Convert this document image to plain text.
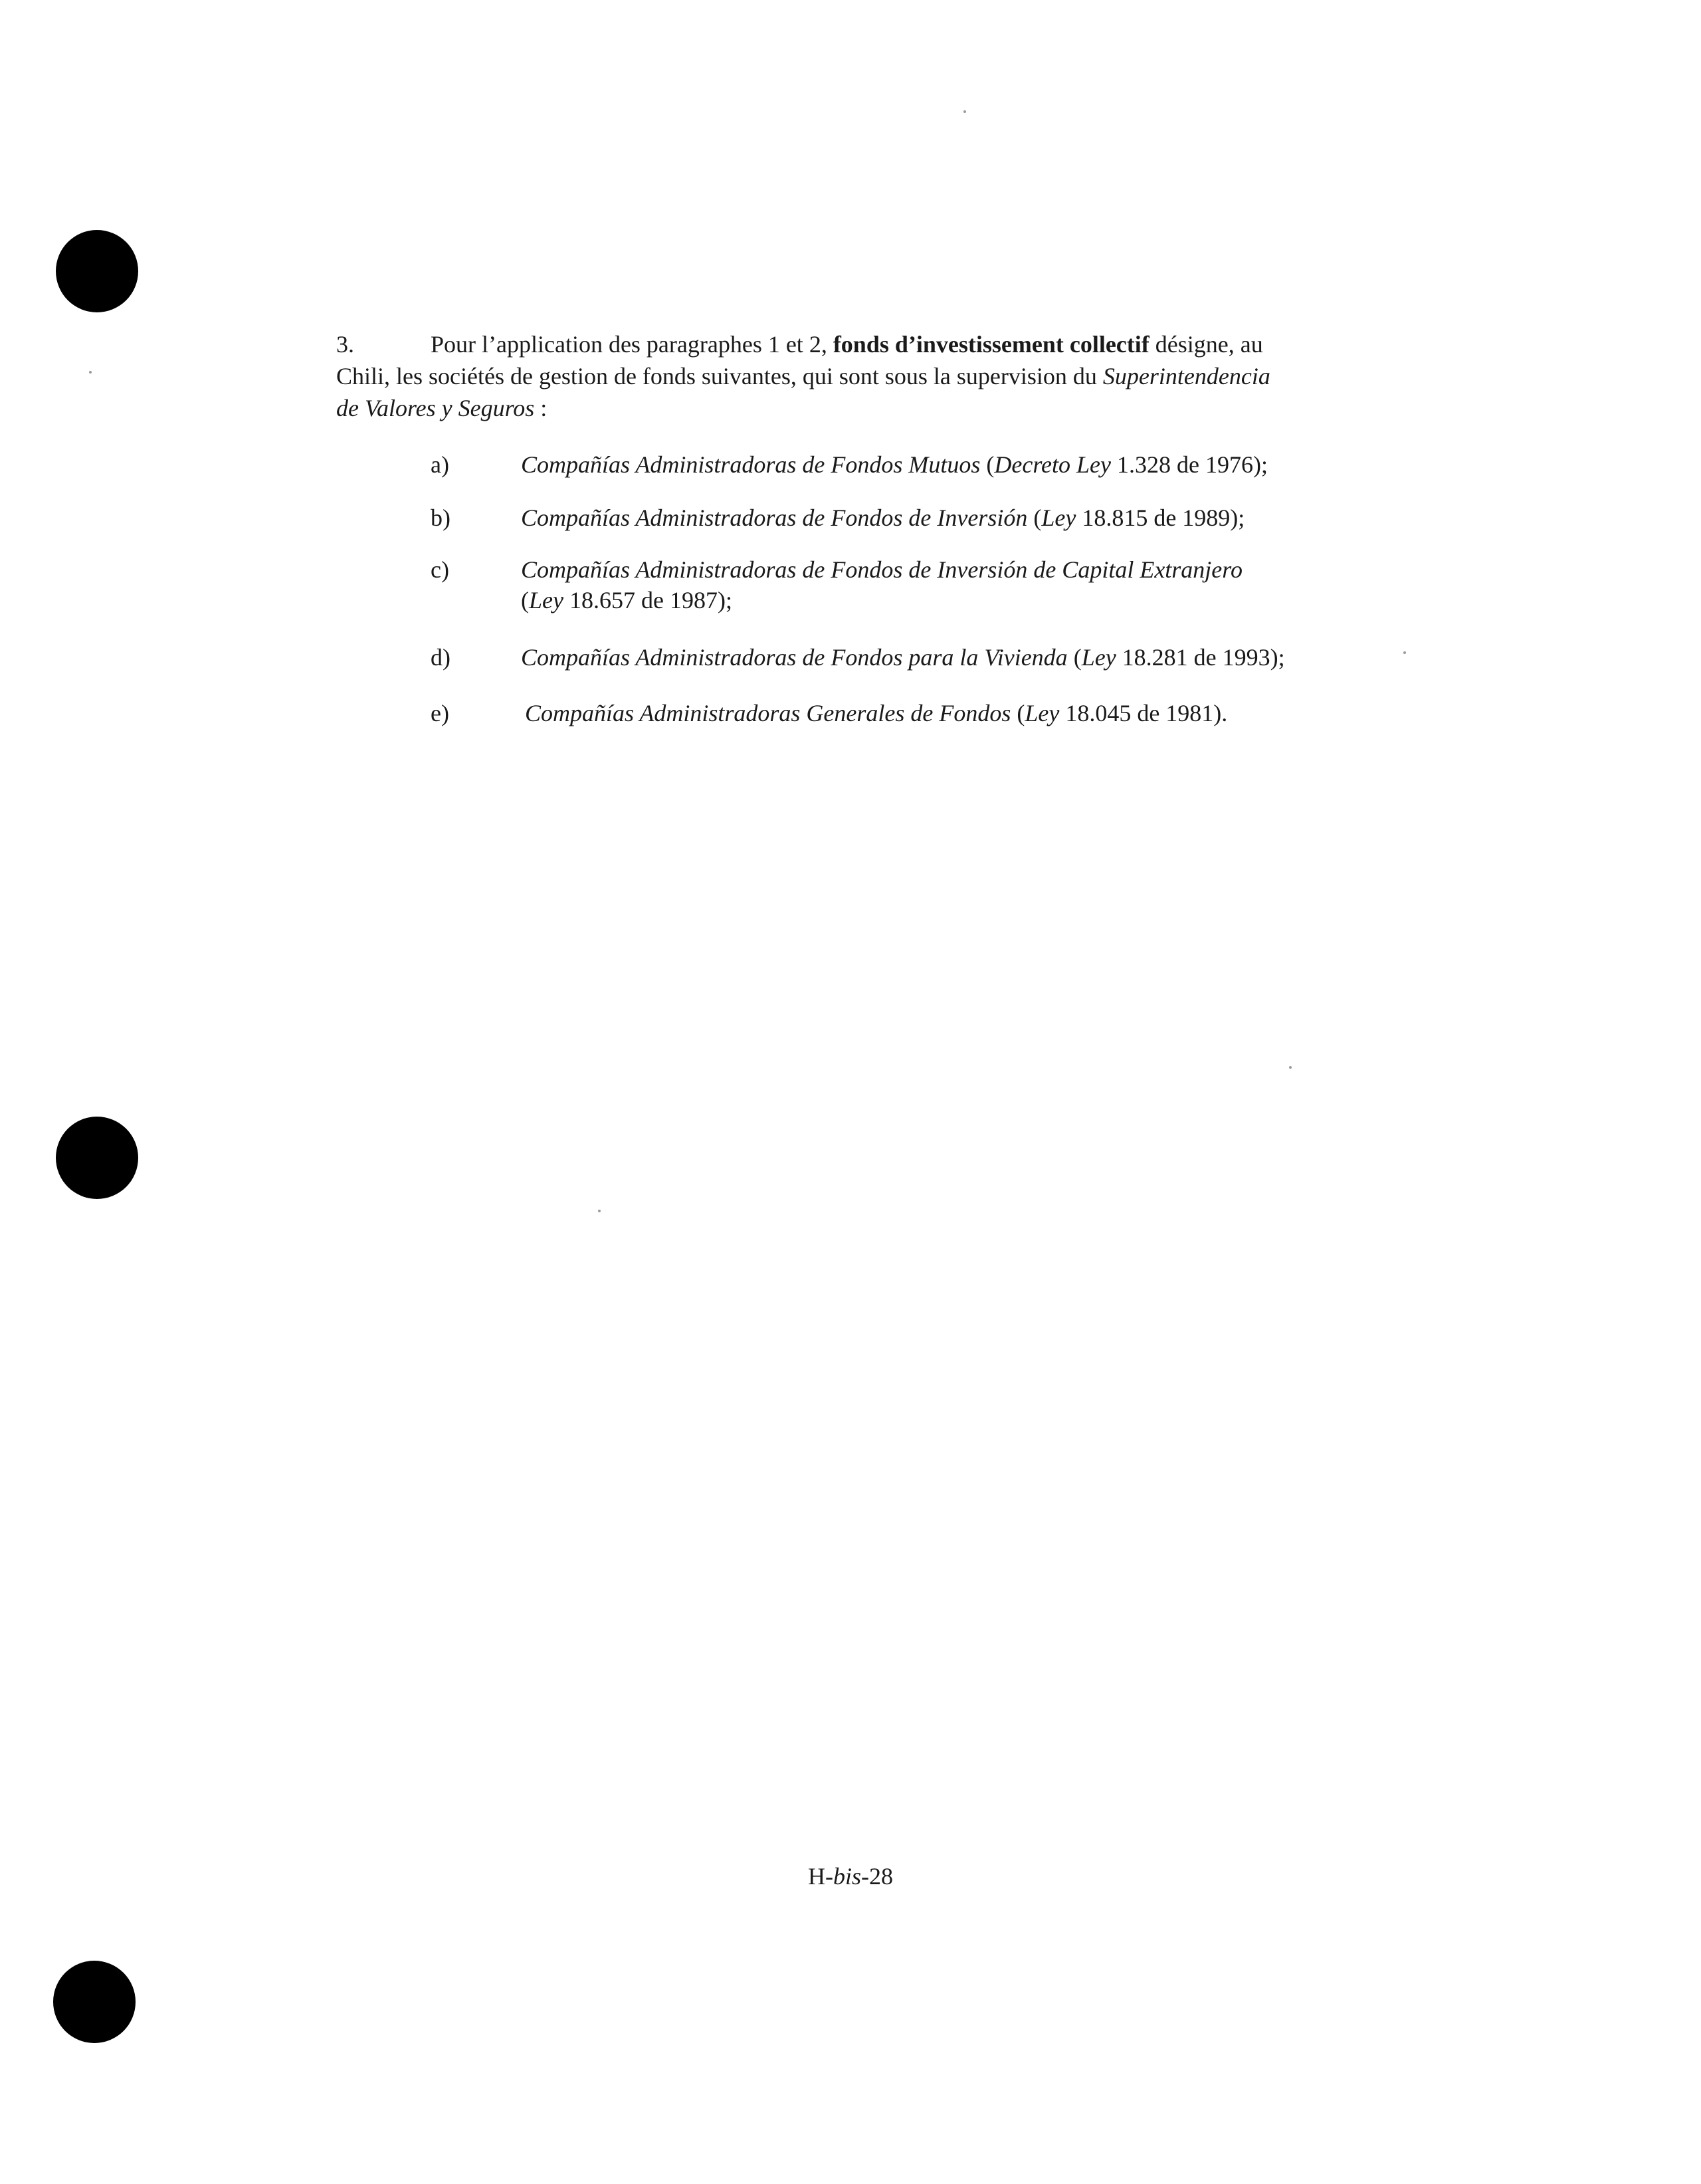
3.	Pour l’application des paragraphes 1 et 2, fonds d’investissement collectif désigne, au
Chili, les sociétés de gestion de fonds suivantes, qui sont sous la supervision du Superintendencia
de Valores y Seguros :
a)	Compañías Administradoras de Fondos Mutuos (Decreto Ley 1.328 de 1976);
b)	Compañías Administradoras de Fondos de Inversión (Ley 18.815 de 1989);
c)	Compañías Administradoras de Fondos de Inversión de Capital Extranjero
(Ley 18.657 de 1987);
d)	Compañías Administradoras de Fondos para la Vivienda (Ley 18.281 de 1993);
e)	Compañías Administradoras Generales de Fondos (Ley 18.045 de 1981).
H-bis-28
